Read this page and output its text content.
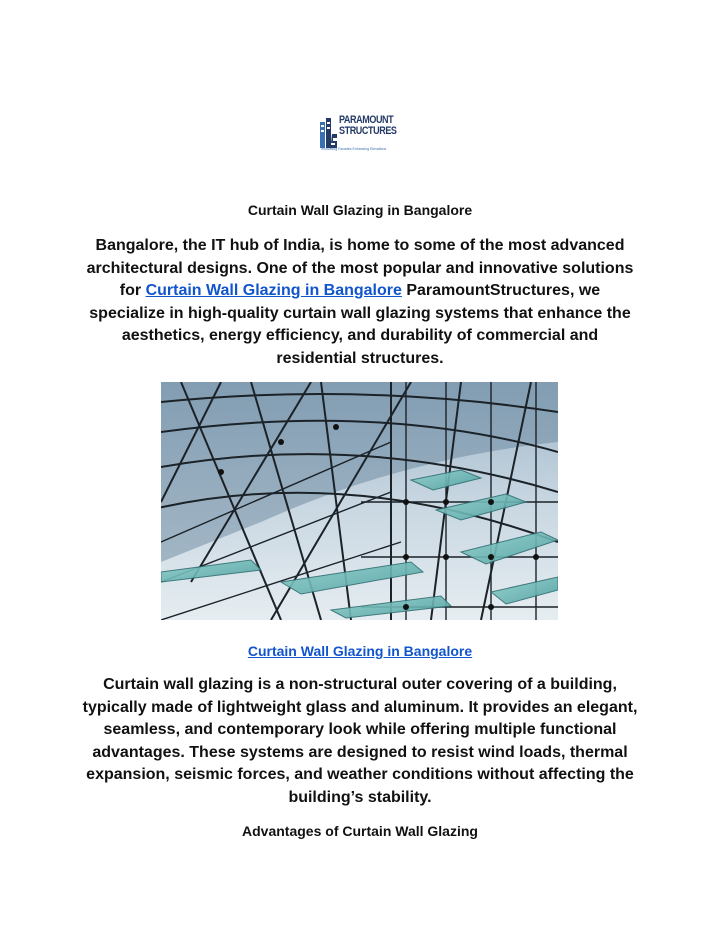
PARAMOUNT
STRUCTURES
Innovating Facades Enhancing Elevations

Curtain Wall Glazing in Bangalore

Bangalore, the IT hub of India, is home to some of the most advanced architectural designs. One of the most popular and innovative solutions for Curtain Wall Glazing in Bangalore ParamountStructures, we specialize in high-quality curtain wall glazing systems that enhance the aesthetics, energy efficiency, and durability of commercial and residential structures.

Curtain Wall Glazing in Bangalore

Curtain wall glazing is a non-structural outer covering of a building, typically made of lightweight glass and aluminum. It provides an elegant, seamless, and contemporary look while offering multiple functional advantages. These systems are designed to resist wind loads, thermal expansion, seismic forces, and weather conditions without affecting the building’s stability.

Advantages of Curtain Wall Glazing
